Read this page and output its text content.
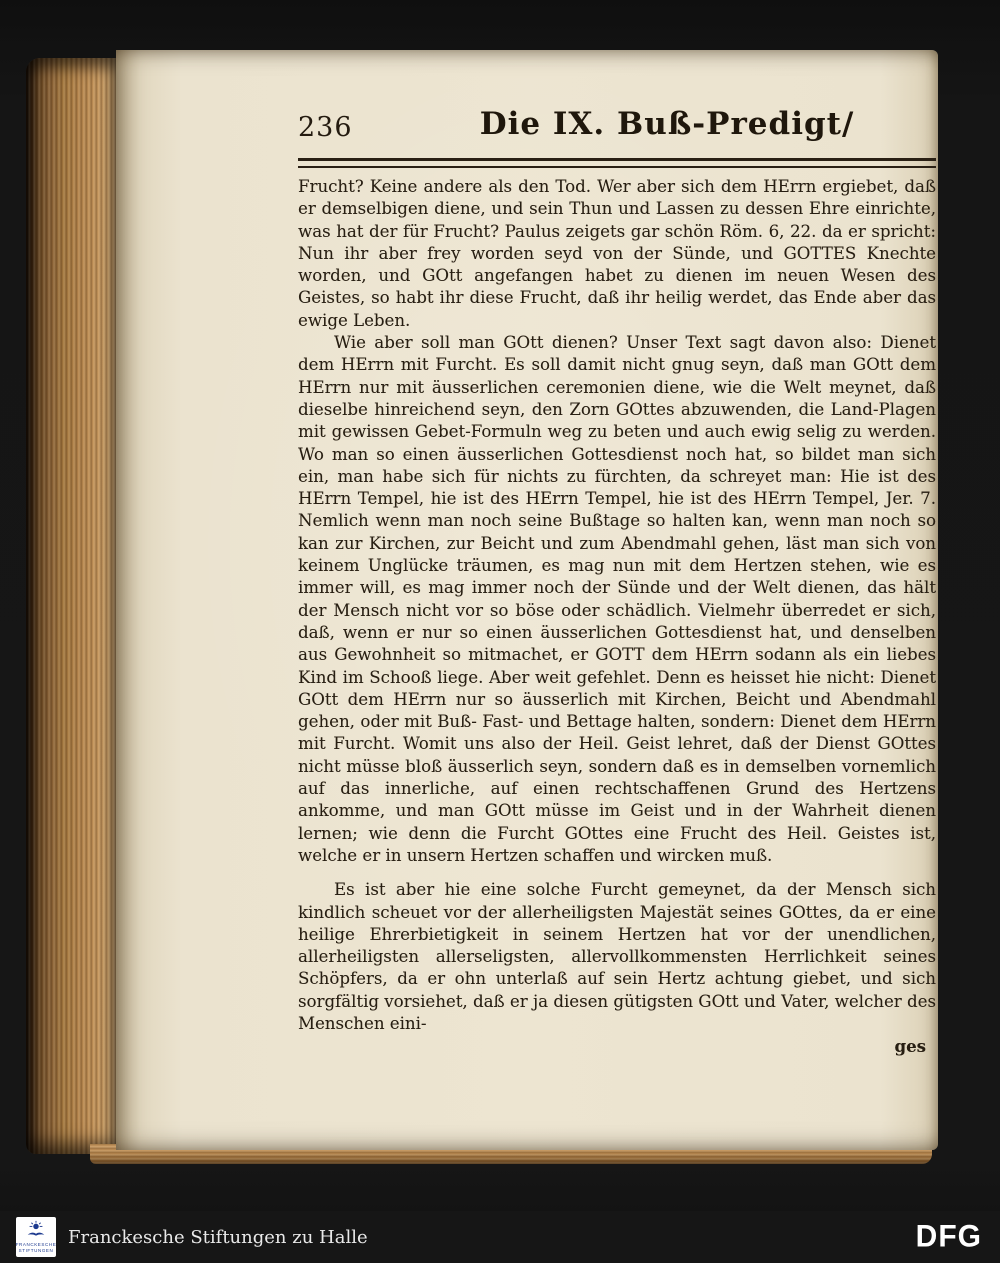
236	Die IX. Buß-Predigt/

Frucht? Keine andere als den Tod. Wer aber sich dem HErrn ergiebet, daß er demselbigen diene, und sein Thun und Lassen zu dessen Ehre einrichte, was hat der für Frucht? Paulus zeigets gar schön Röm. 6, 22. da er spricht: Nun ihr aber frey worden seyd von der Sünde, und GOTTES Knechte worden, und GOtt angefangen habet zu dienen im neuen Wesen des Geistes, so habt ihr diese Frucht, daß ihr heilig werdet, das Ende aber das ewige Leben.

Wie aber soll man GOtt dienen? Unser Text sagt davon also: Dienet dem HErrn mit Furcht. Es soll damit nicht gnug seyn, daß man GOtt dem HErrn nur mit äusserlichen ceremonien diene, wie die Welt meynet, daß dieselbe hinreichend seyn, den Zorn GOttes abzuwenden, die Land-Plagen mit gewissen Gebet-Formuln weg zu beten und auch ewig selig zu werden. Wo man so einen äusserlichen Gottesdienst noch hat, so bildet man sich ein, man habe sich für nichts zu fürchten, da schreyet man: Hie ist des HErrn Tempel, hie ist des HErrn Tempel, hie ist des HErrn Tempel, Jer. 7. Nemlich wenn man noch seine Bußtage so halten kan, wenn man noch so kan zur Kirchen, zur Beicht und zum Abendmahl gehen, läst man sich von keinem Unglücke träumen, es mag nun mit dem Hertzen stehen, wie es immer will, es mag immer noch der Sünde und der Welt dienen, das hält der Mensch nicht vor so böse oder schädlich. Vielmehr überredet er sich, daß, wenn er nur so einen äusserlichen Gottesdienst hat, und denselben aus Gewohnheit so mitmachet, er GOTT dem HErrn sodann als ein liebes Kind im Schooß liege. Aber weit gefehlet. Denn es heisset hie nicht: Dienet GOtt dem HErrn nur so äusserlich mit Kirchen, Beicht und Abendmahl gehen, oder mit Buß- Fast- und Bettage halten, sondern: Dienet dem HErrn mit Furcht. Womit uns also der Heil. Geist lehret, daß der Dienst GOttes nicht müsse bloß äusserlich seyn, sondern daß es in demselben vornemlich auf das innerliche, auf einen rechtschaffenen Grund des Hertzens ankomme, und man GOtt müsse im Geist und in der Wahrheit dienen lernen; wie denn die Furcht GOttes eine Frucht des Heil. Geistes ist, welche er in unsern Hertzen schaffen und wircken muß.

Es ist aber hie eine solche Furcht gemeynet, da der Mensch sich kindlich scheuet vor der allerheiligsten Majestät seines GOttes, da er eine heilige Ehrerbietigkeit in seinem Hertzen hat vor der unendlichen, allerheiligsten allerseligsten, allervollkommensten Herrlichkeit seines Schöpfers, da er ohn unterlaß auf sein Hertz achtung giebet, und sich sorgfältig vorsiehet, daß er ja diesen gütigsten GOtt und Vater, welcher des Menschen eini-

ges
FRANCKESCHE
STIFTUNGEN
Franckesche Stiftungen zu Halle	DFG
